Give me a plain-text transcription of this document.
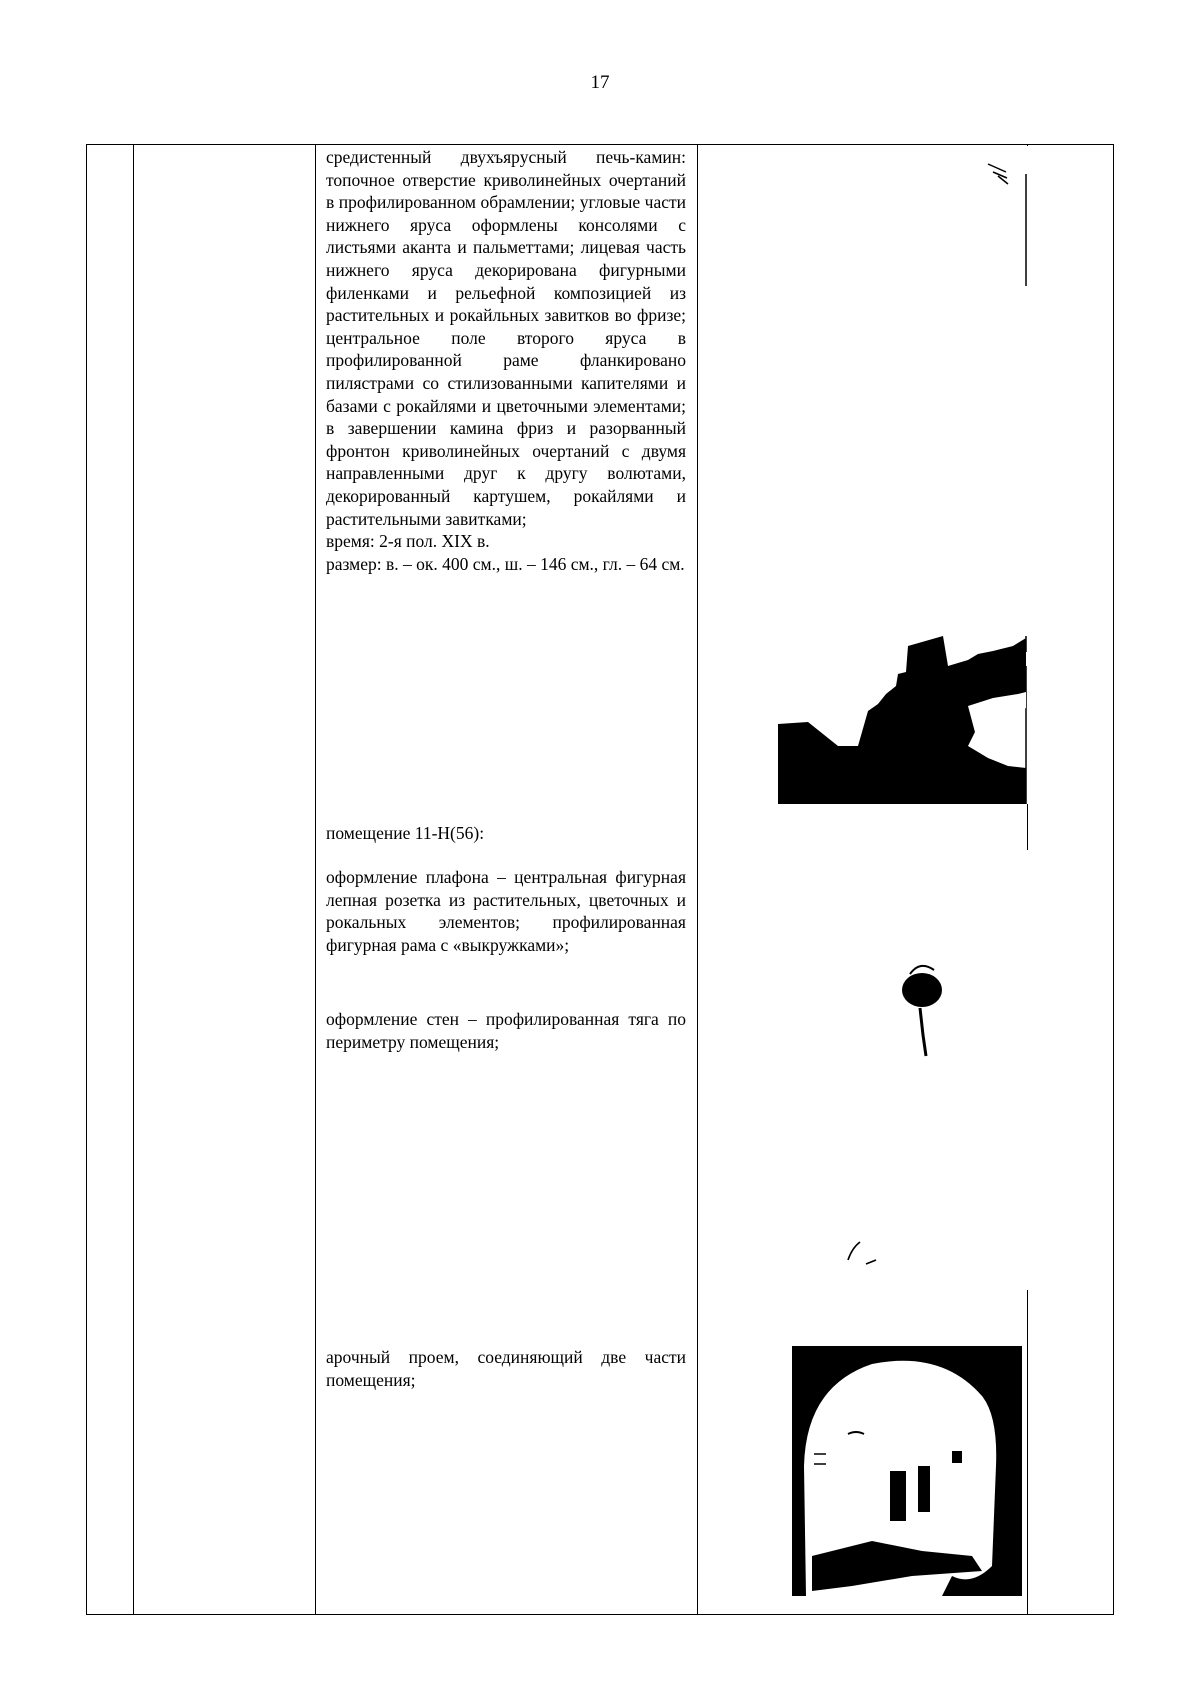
17
средистенный двухъярусный печь-камин: топочное отверстие криволинейных очертаний в профилированном обрамлении; угловые части нижнего яруса оформлены консолями с листьями аканта и пальметтами; лицевая часть нижнего яруса декорирована фигурными филенками и рельефной композицией из растительных и рокайльных завитков во фризе; центральное поле второго яруса в профилированной раме фланкировано пилястрами со стилизованными капителями и базами с рокайлями и цветочными элементами; в завершении камина фриз и разорванный фронтон криволинейных очертаний с двумя направленными друг к другу волютами, декорированный картушем, рокайлями и растительными завитками;
время: 2-я пол. XIX в.
размер: в. – ок. 400 см., ш. – 146 см., гл. – 64 см.
помещение 11-Н(56):
оформление плафона – центральная фигурная лепная розетка из растительных, цветочных и рокальных элементов; профилированная фигурная рама с «выкружками»;
оформление стен – профилированная тяга по периметру помещения;
арочный проем, соединяющий две части помещения;
